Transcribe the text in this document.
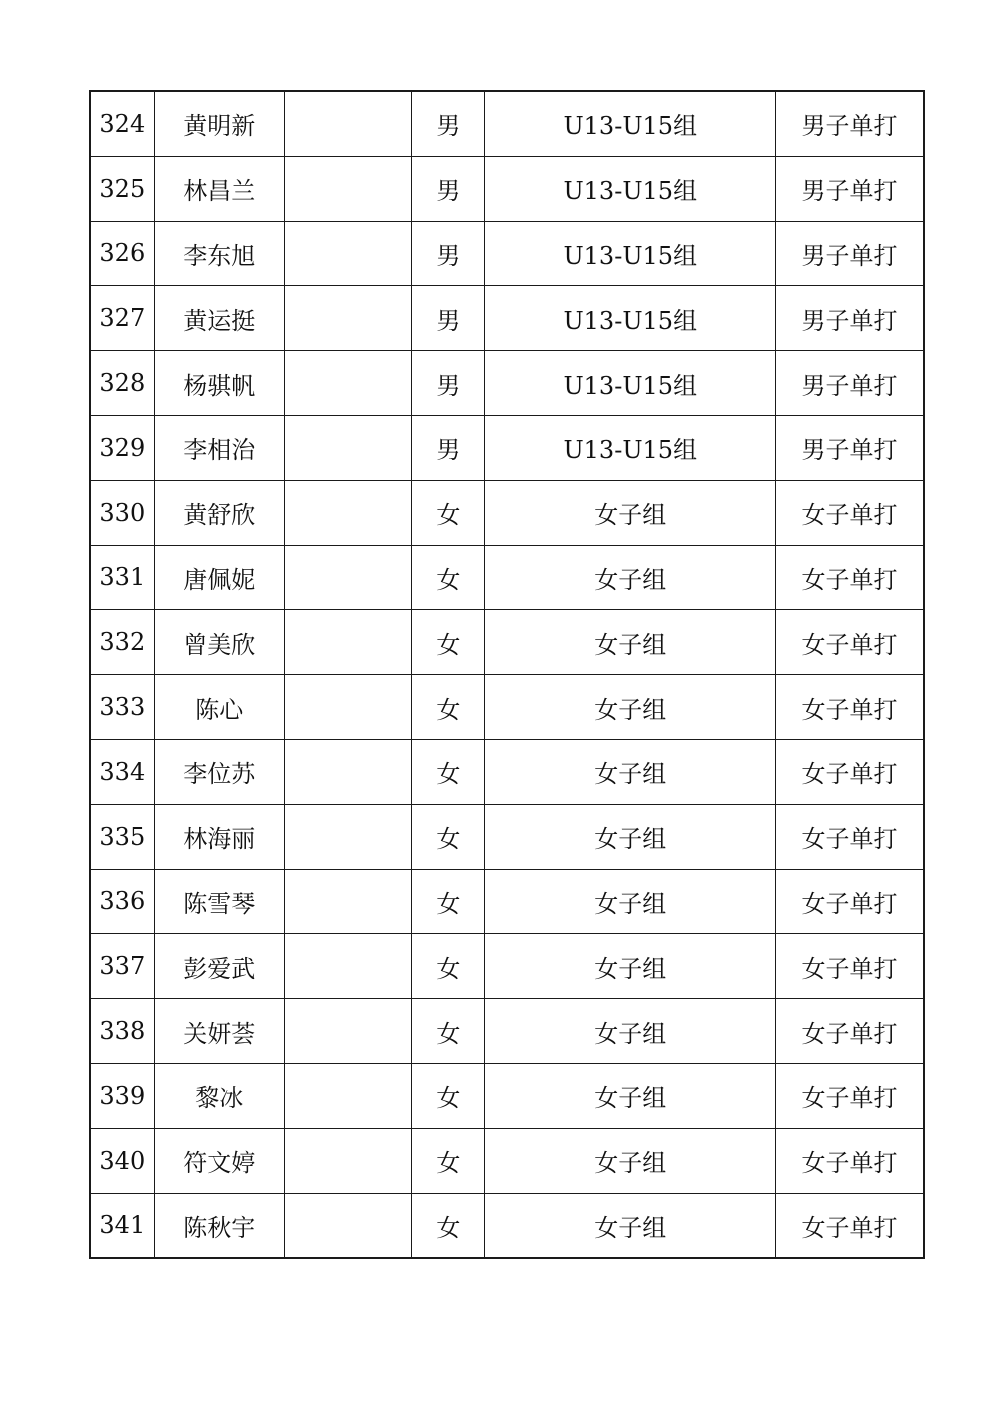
324	黄明新		男	U13-U15组	男子单打
325	林昌兰		男	U13-U15组	男子单打
326	李东旭		男	U13-U15组	男子单打
327	黄运挺		男	U13-U15组	男子单打
328	杨骐帆		男	U13-U15组	男子单打
329	李相治		男	U13-U15组	男子单打
330	黄舒欣		女	女子组	女子单打
331	唐佩妮		女	女子组	女子单打
332	曾美欣		女	女子组	女子单打
333	陈心		女	女子组	女子单打
334	李位苏		女	女子组	女子单打
335	林海丽		女	女子组	女子单打
336	陈雪琴		女	女子组	女子单打
337	彭爱武		女	女子组	女子单打
338	关妍荟		女	女子组	女子单打
339	黎冰		女	女子组	女子单打
340	符文婷		女	女子组	女子单打
341	陈秋宇		女	女子组	女子单打
